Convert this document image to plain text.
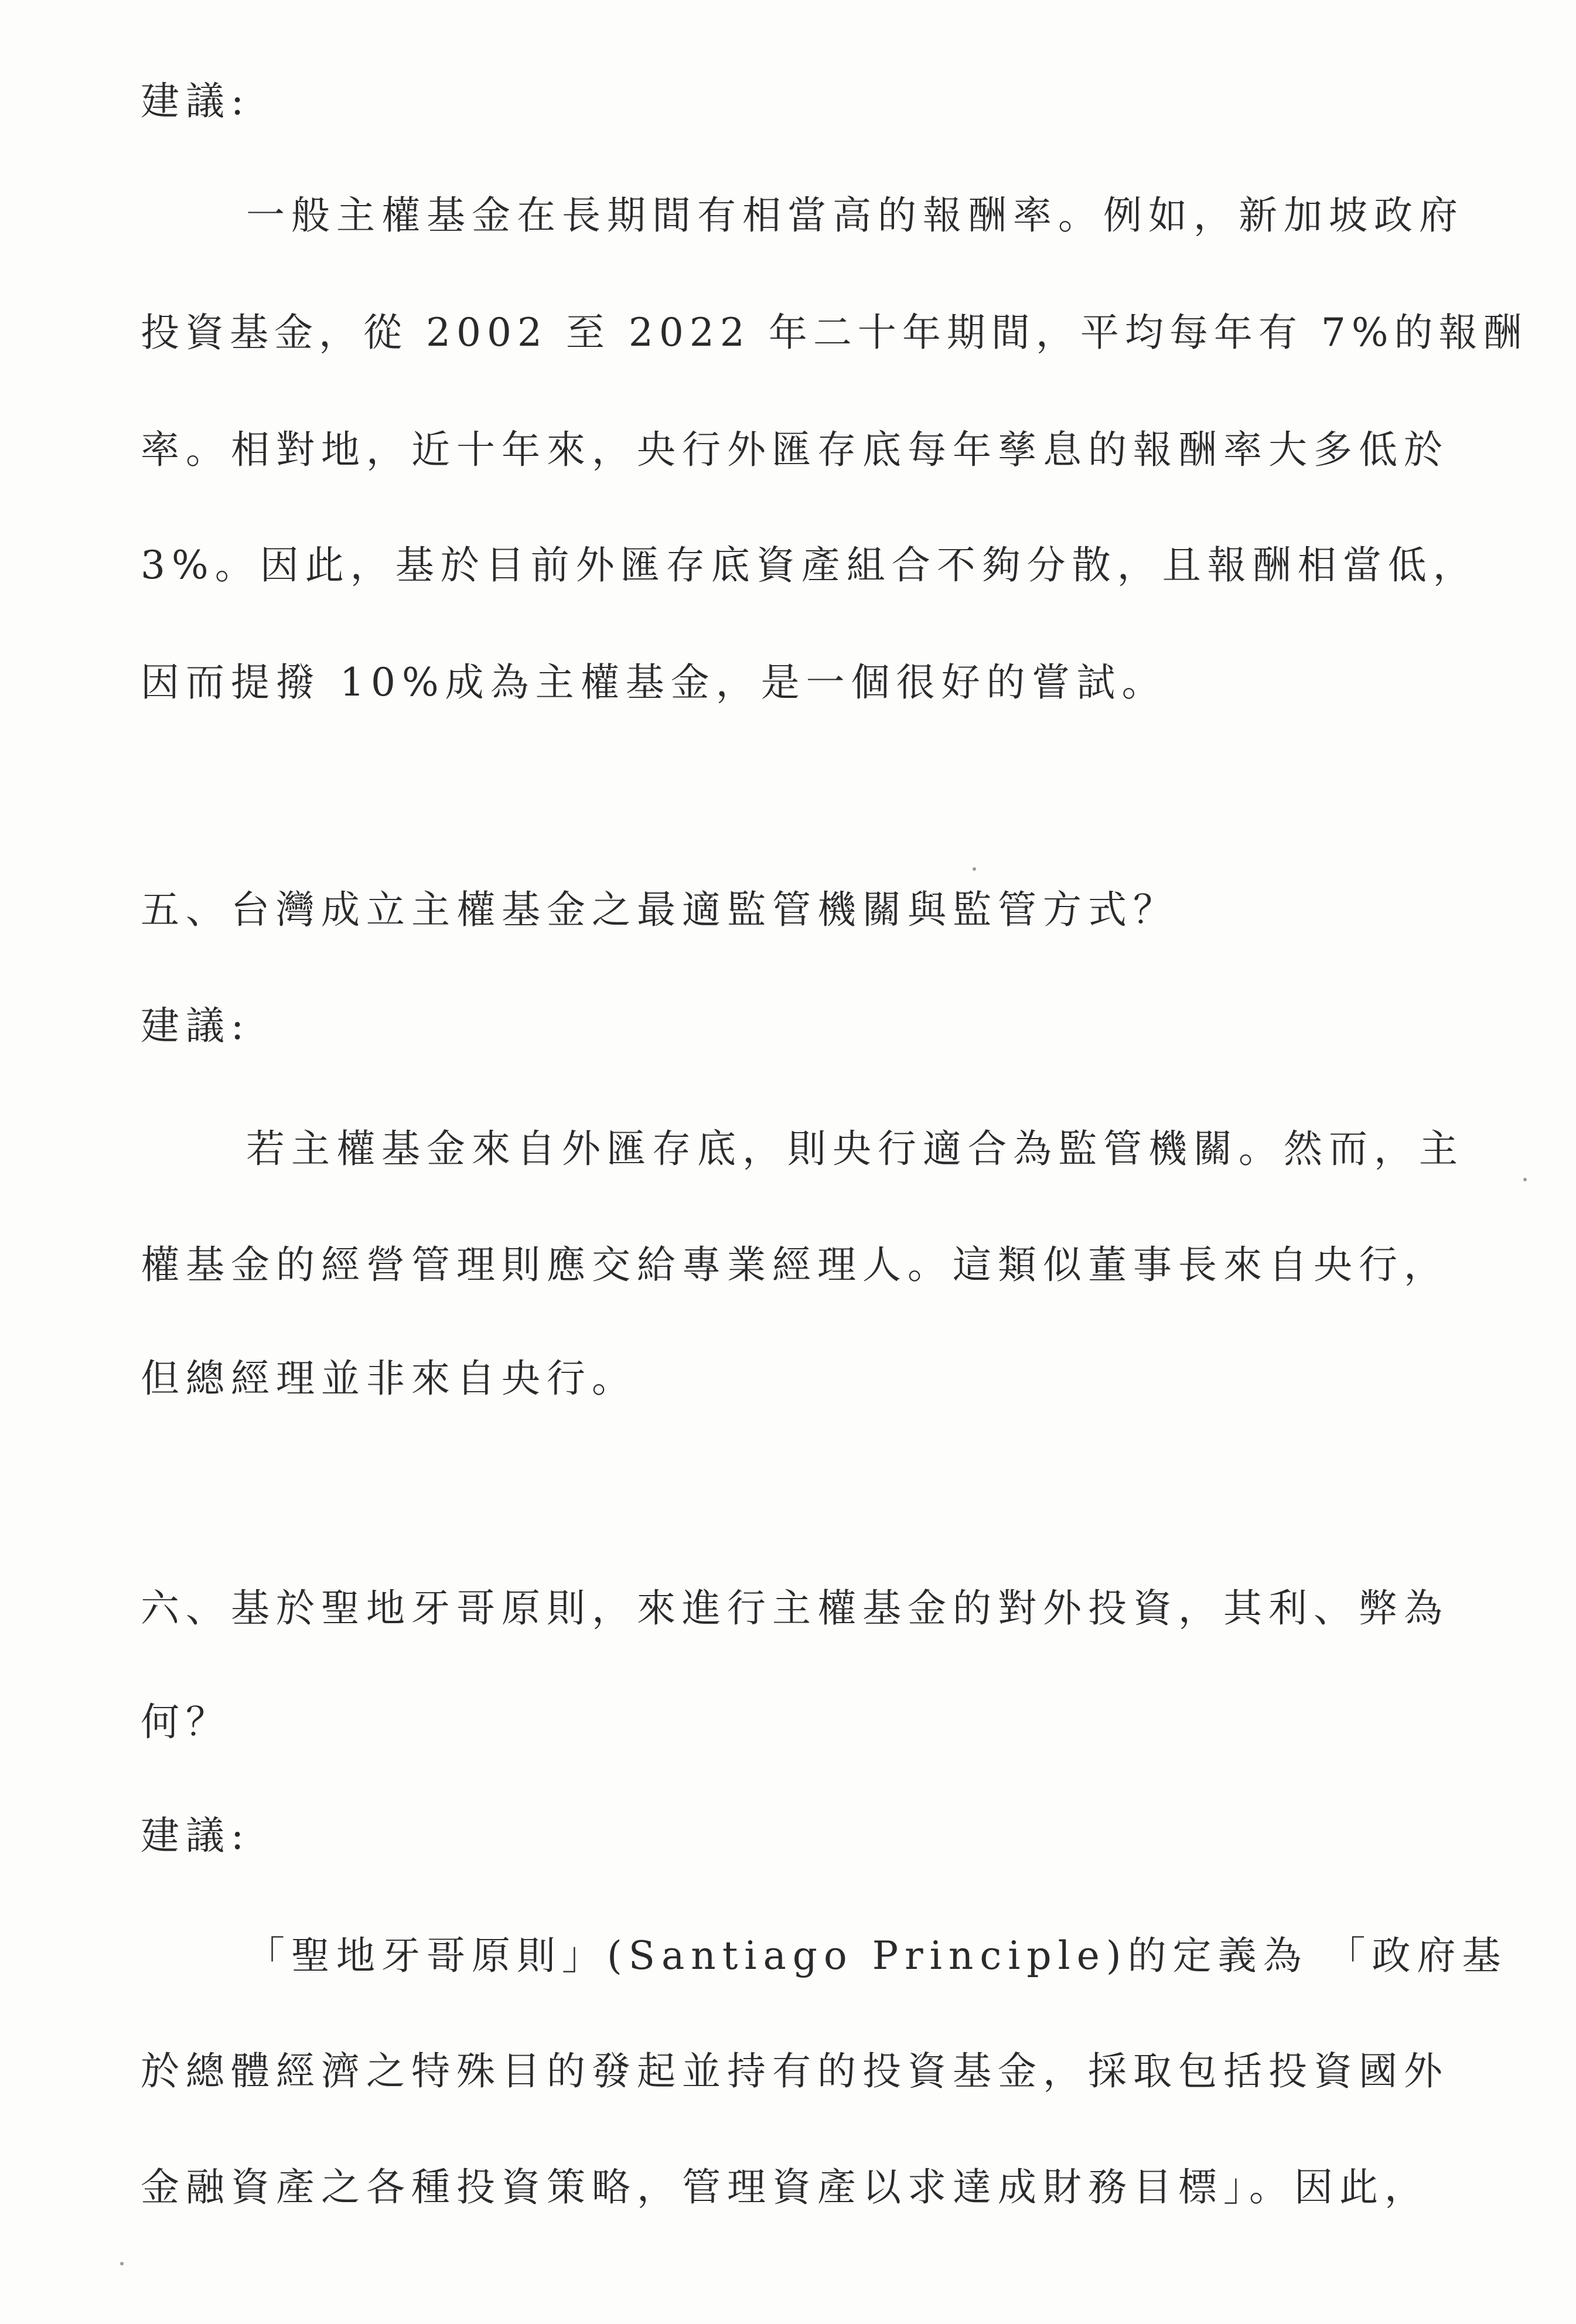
建議:
一般主權基金在長期間有相當高的報酬率。例如，新加坡政府
投資基金，從 2002 至 2022 年二十年期間，平均每年有 7%的報酬
率。相對地，近十年來，央行外匯存底每年孳息的報酬率大多低於
3%。因此，基於目前外匯存底資產組合不夠分散，且報酬相當低，
因而提撥 10%成為主權基金，是一個很好的嘗試。
五、台灣成立主權基金之最適監管機關與監管方式？
建議:
若主權基金來自外匯存底，則央行適合為監管機關。然而，主
權基金的經營管理則應交給專業經理人。這類似董事長來自央行，
但總經理並非來自央行。
六、基於聖地牙哥原則，來進行主權基金的對外投資，其利、弊為
何？
建議:
「聖地牙哥原則」(Santiago Principle)的定義為 「政府基
於總體經濟之特殊目的發起並持有的投資基金，採取包括投資國外
金融資產之各種投資策略，管理資產以求達成財務目標」。因此，
